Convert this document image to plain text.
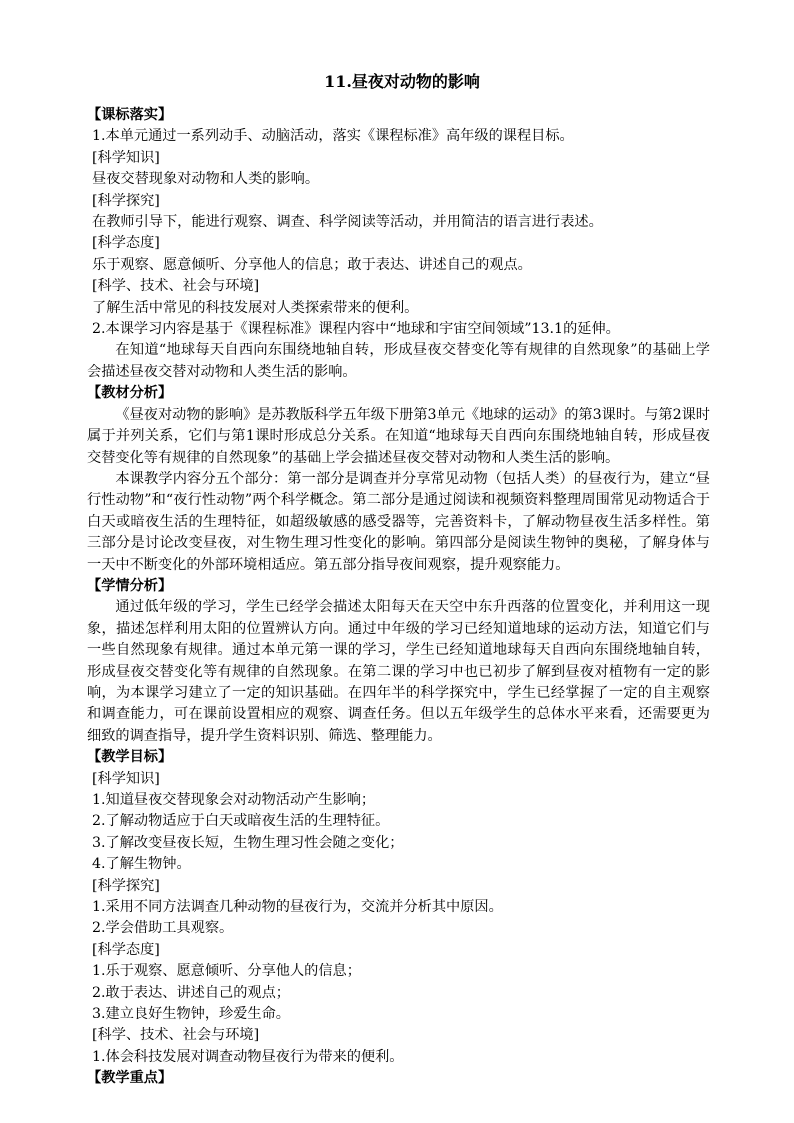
11.昼夜对动物的影响
【课标落实】
1.本单元通过一系列动手、动脑活动，落实《课程标准》高年级的课程目标。
[科学知识]
昼夜交替现象对动物和人类的影响。
[科学探究]
在教师引导下，能进行观察、调查、科学阅读等活动，并用简洁的语言进行表述。
[科学态度]
乐于观察、愿意倾听、分享他人的信息；敢于表达、讲述自己的观点。
[科学、技术、社会与环境]
了解生活中常见的科技发展对人类探索带来的便利。
2.本课学习内容是基于《课程标准》课程内容中“地球和宇宙空间领域”13.1的延伸。
在知道“地球每天自西向东围绕地轴自转，形成昼夜交替变化等有规律的自然现象”的基础上学会描述昼夜交替对动物和人类生活的影响。
【教材分析】
《昼夜对动物的影响》是苏教版科学五年级下册第3单元《地球的运动》的第3课时。与第2课时属于并列关系，它们与第1课时形成总分关系。在知道“地球每天自西向东围绕地轴自转，形成昼夜交替变化等有规律的自然现象”的基础上学会描述昼夜交替对动物和人类生活的影响。
本课教学内容分五个部分：第一部分是调查并分享常见动物（包括人类）的昼夜行为，建立“昼行性动物”和“夜行性动物”两个科学概念。第二部分是通过阅读和视频资料整理周围常见动物适合于白天或暗夜生活的生理特征，如超级敏感的感受器等，完善资料卡，了解动物昼夜生活多样性。第三部分是讨论改变昼夜，对生物生理习性变化的影响。第四部分是阅读生物钟的奥秘，了解身体与一天中不断变化的外部环境相适应。第五部分指导夜间观察，提升观察能力。
【学情分析】
通过低年级的学习，学生已经学会描述太阳每天在天空中东升西落的位置变化，并利用这一现象，描述怎样利用太阳的位置辨认方向。通过中年级的学习已经知道地球的运动方法，知道它们与一些自然现象有规律。通过本单元第一课的学习，学生已经知道地球每天自西向东围绕地轴自转，形成昼夜交替变化等有规律的自然现象。在第二课的学习中也已初步了解到昼夜对植物有一定的影响，为本课学习建立了一定的知识基础。在四年半的科学探究中，学生已经掌握了一定的自主观察和调查能力，可在课前设置相应的观察、调查任务。但以五年级学生的总体水平来看，还需要更为细致的调查指导，提升学生资料识别、筛选、整理能力。
【教学目标】
[科学知识]
1.知道昼夜交替现象会对动物活动产生影响；
2.了解动物适应于白天或暗夜生活的生理特征。
3.了解改变昼夜长短，生物生理习性会随之变化；
4.了解生物钟。
[科学探究]
1.采用不同方法调查几种动物的昼夜行为，交流并分析其中原因。
2.学会借助工具观察。
[科学态度]
1.乐于观察、愿意倾听、分享他人的信息；
2.敢于表达、讲述自己的观点；
3.建立良好生物钟，珍爱生命。
[科学、技术、社会与环境]
1.体会科技发展对调查动物昼夜行为带来的便利。
【教学重点】
